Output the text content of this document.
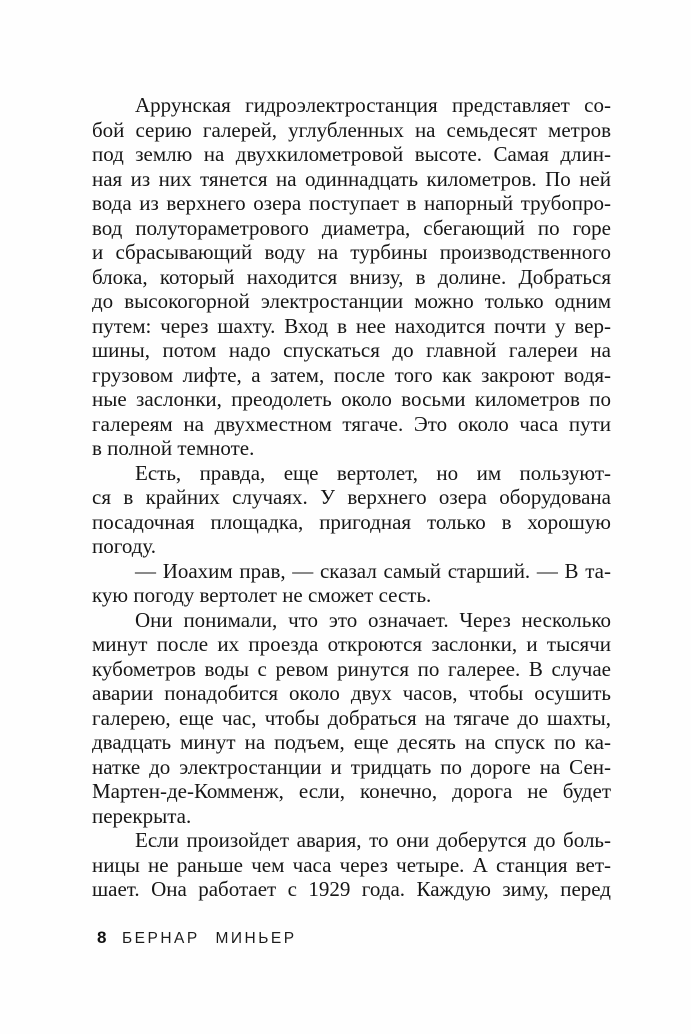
Аррунская гидроэлектростанция представляет со-
бой серию галерей, углубленных на семьдесят метров
под землю на двухкилометровой высоте. Самая длин-
ная из них тянется на одиннадцать километров. По ней
вода из верхнего озера поступает в напорный трубопро-
вод полутораметрового диаметра, сбегающий по горе
и сбрасывающий воду на турбины производственного
блока, который находится внизу, в долине. Добраться
до высокогорной электростанции можно только одним
путем: через шахту. Вход в нее находится почти у вер-
шины, потом надо спускаться до главной галереи на
грузовом лифте, а затем, после того как закроют водя-
ные заслонки, преодолеть около восьми километров по
галереям на двухместном тягаче. Это около часа пути
в полной темноте.
Есть, правда, еще вертолет, но им пользуют-
ся в крайних случаях. У верхнего озера оборудована
посадочная площадка, пригодная только в хорошую
погоду.
— Иоахим прав, — сказал самый старший. — В та-
кую погоду вертолет не сможет сесть.
Они понимали, что это означает. Через несколько
минут после их проезда откроются заслонки, и тысячи
кубометров воды с ревом ринутся по галерее. В случае
аварии понадобится около двух часов, чтобы осушить
галерею, еще час, чтобы добраться на тягаче до шахты,
двадцать минут на подъем, еще десять на спуск по ка-
натке до электростанции и тридцать по дороге на Сен-
Мартен-де-Комменж, если, конечно, дорога не будет
перекрыта.
Если произойдет авария, то они доберутся до боль-
ницы не раньше чем часа через четыре. А станция вет-
шает. Она работает с 1929 года. Каждую зиму, перед
8 БЕРНАР МИНЬЕР
